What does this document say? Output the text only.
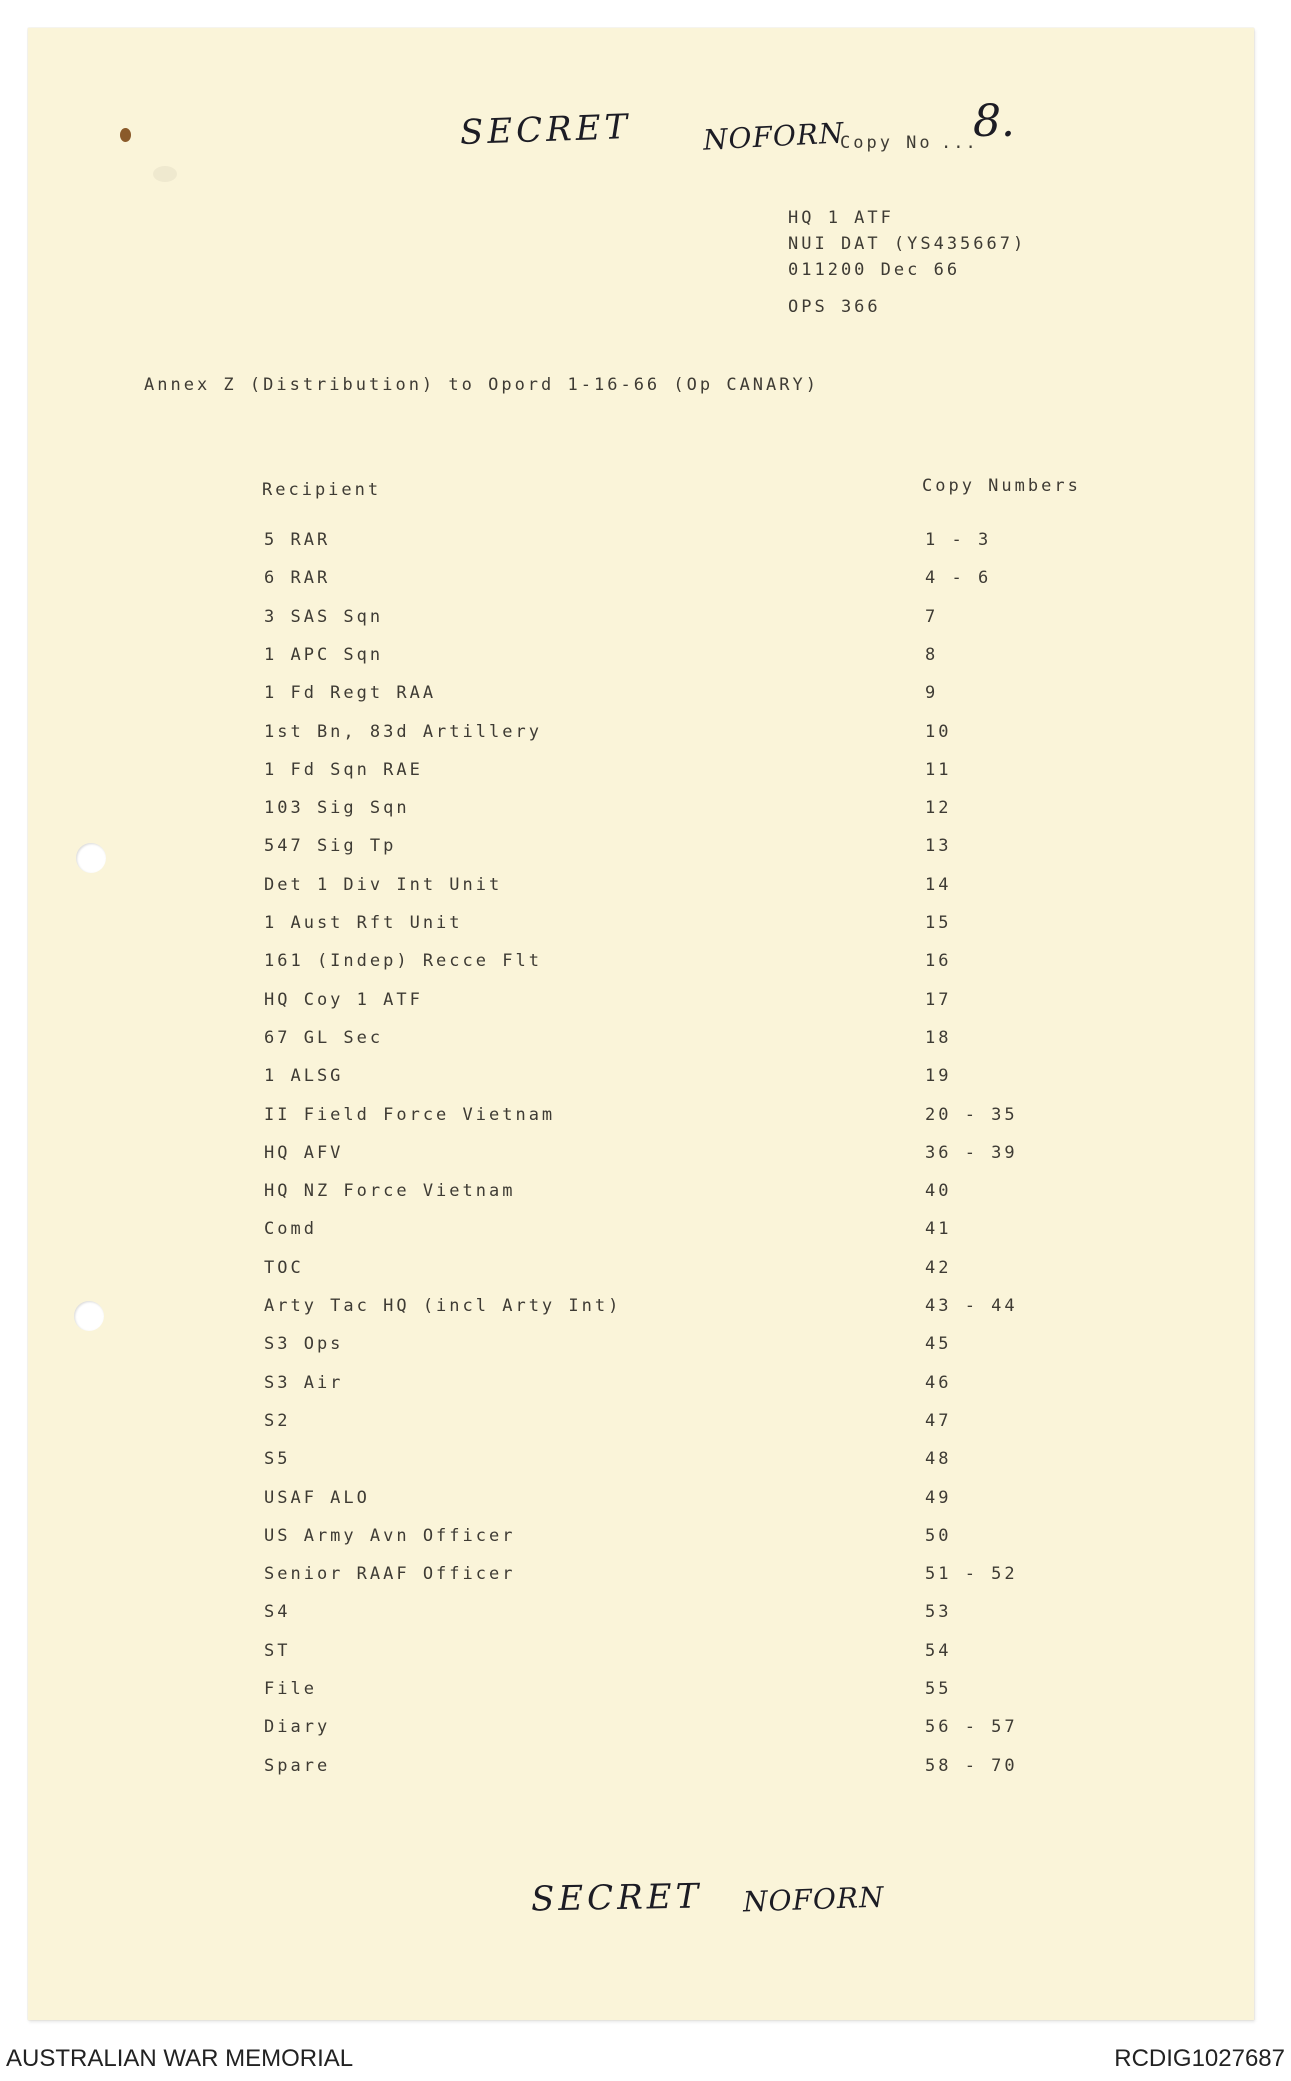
SECRET	NOFORN
Copy No ...
8.
HQ 1 ATF
NUI DAT (YS435667)
011200 Dec 66
OPS 366
Annex Z (Distribution) to Opord 1-16-66 (Op CANARY)
Recipient	Copy Numbers
5 RAR	1 - 3
6 RAR	4 - 6
3 SAS Sqn	7
1 APC Sqn	8
1 Fd Regt RAA	9
1st Bn, 83d Artillery	10
1 Fd Sqn RAE	11
103 Sig Sqn	12
547 Sig Tp	13
Det 1 Div Int Unit	14
1 Aust Rft Unit	15
161 (Indep) Recce Flt	16
HQ Coy 1 ATF	17
67 GL Sec	18
1 ALSG	19
II Field Force Vietnam	20 - 35
HQ AFV	36 - 39
HQ NZ Force Vietnam	40
Comd	41
TOC	42
Arty Tac HQ (incl Arty Int)	43 - 44
S3 Ops	45
S3 Air	46
S2	47
S5	48
USAF ALO	49
US Army Avn Officer	50
Senior RAAF Officer	51 - 52
S4	53
ST	54
File	55
Diary	56 - 57
Spare	58 - 70
SECRET NOFORN
AUSTRALIAN WAR MEMORIAL	RCDIG1027687
